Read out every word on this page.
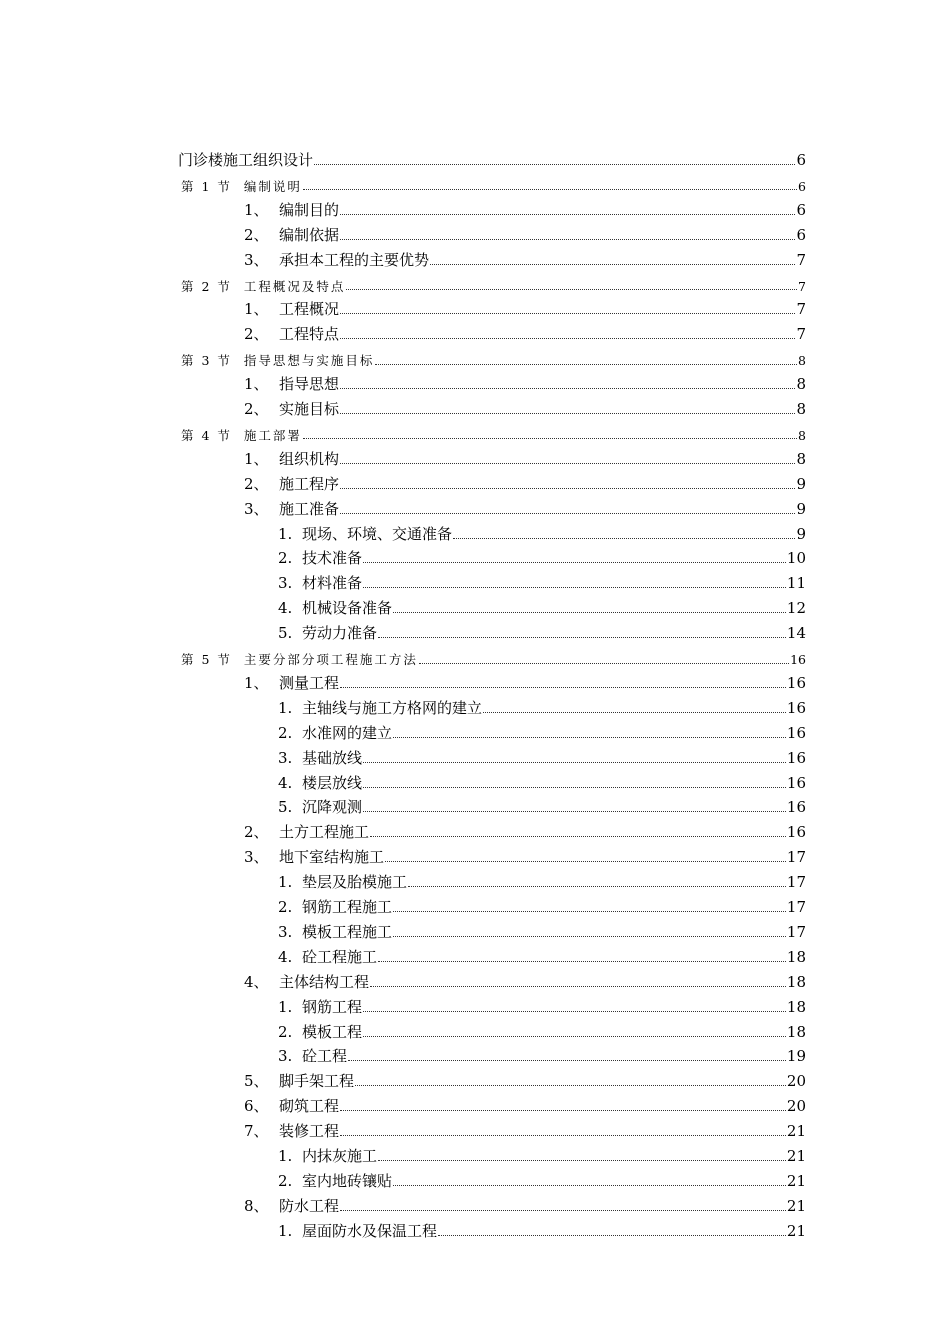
门诊楼施工组织设计	6
第 1 节 编制说明	6
1、 编制目的	6
2、 编制依据	6
3、 承担本工程的主要优势	7
第 2 节 工程概况及特点	7
1、 工程概况	7
2、 工程特点	7
第 3 节 指导思想与实施目标	8
1、 指导思想	8
2、 实施目标	8
第 4 节 施工部署	8
1、 组织机构	8
2、 施工程序	9
3、 施工准备	9
1. 现场、环境、交通准备	9
2. 技术准备	10
3. 材料准备	11
4. 机械设备准备	12
5. 劳动力准备	14
第 5 节 主要分部分项工程施工方法	16
1、 测量工程	16
1. 主轴线与施工方格网的建立	16
2. 水准网的建立	16
3. 基础放线	16
4. 楼层放线	16
5. 沉降观测	16
2、 土方工程施工	16
3、 地下室结构施工	17
1. 垫层及胎模施工	17
2. 钢筋工程施工	17
3. 模板工程施工	17
4. 砼工程施工	18
4、 主体结构工程	18
1. 钢筋工程	18
2. 模板工程	18
3. 砼工程	19
5、 脚手架工程	20
6、 砌筑工程	20
7、 装修工程	21
1. 内抹灰施工	21
2. 室内地砖镶贴	21
8、 防水工程	21
1. 屋面防水及保温工程	21
